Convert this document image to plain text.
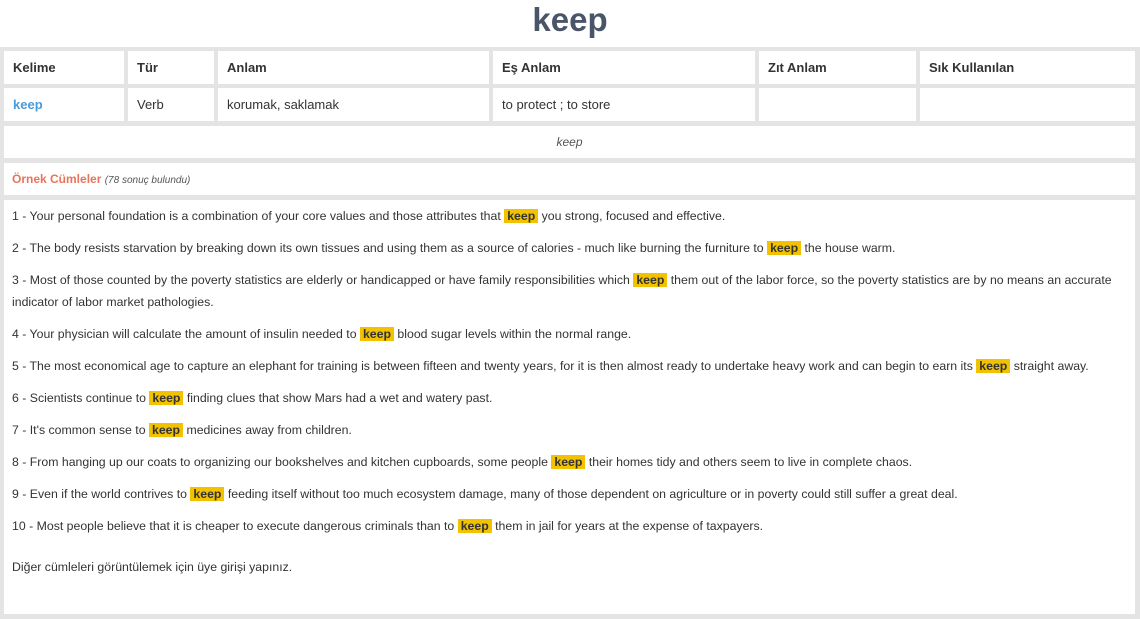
keep
Kelime	Tür	Anlam	Eş Anlam	Zıt Anlam	Sık Kullanılan
keep	Verb	korumak, saklamak	to protect ; to store
keep
Örnek Cümleler (78 sonuç bulundu)
1 - Your personal foundation is a combination of your core values and those attributes that keep you strong, focused and effective.
2 - The body resists starvation by breaking down its own tissues and using them as a source of calories - much like burning the furniture to keep the house warm.
3 - Most of those counted by the poverty statistics are elderly or handicapped or have family responsibilities which keep them out of the labor force, so the poverty statistics are by no means an accurate indicator of labor market pathologies.
4 - Your physician will calculate the amount of insulin needed to keep blood sugar levels within the normal range.
5 - The most economical age to capture an elephant for training is between fifteen and twenty years, for it is then almost ready to undertake heavy work and can begin to earn its keep straight away.
6 - Scientists continue to keep finding clues that show Mars had a wet and watery past.
7 - It's common sense to keep medicines away from children.
8 - From hanging up our coats to organizing our bookshelves and kitchen cupboards, some people keep their homes tidy and others seem to live in complete chaos.
9 - Even if the world contrives to keep feeding itself without too much ecosystem damage, many of those dependent on agriculture or in poverty could still suffer a great deal.
10 - Most people believe that it is cheaper to execute dangerous criminals than to keep them in jail for years at the expense of taxpayers.
Diğer cümleleri görüntülemek için üye girişi yapınız.
